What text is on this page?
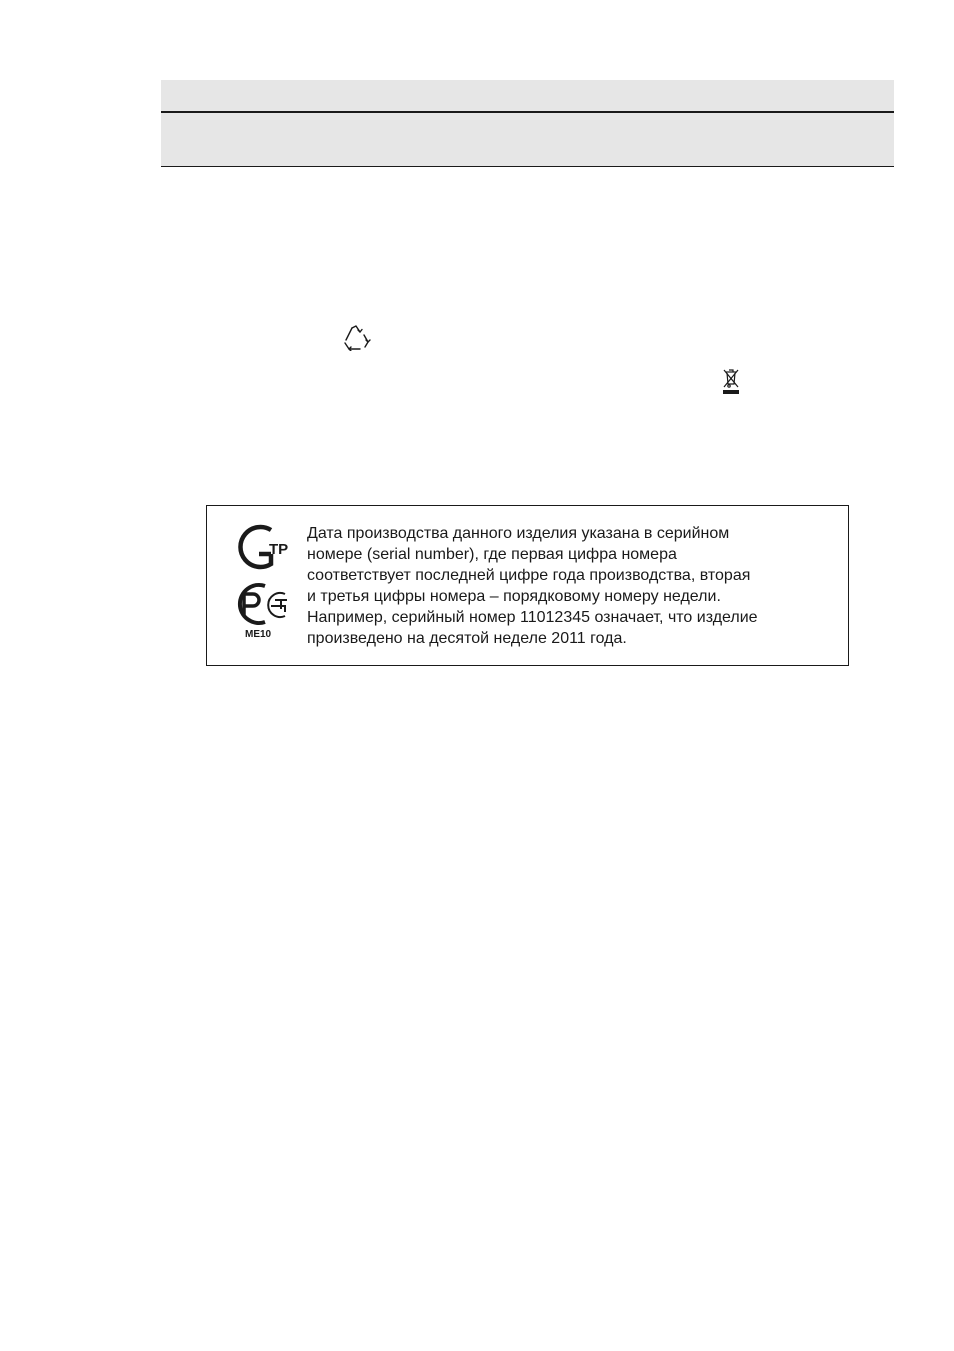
ТР
ME10
Дата производства данного изделия указана в серийном
номере (serial number), где первая цифра номера
соответствует последней цифре года производства, вторая
и третья цифры номера – порядковому номеру недели.
Например, серийный номер 11012345 означает, что изделие
произведено на десятой неделе 2011 года.
